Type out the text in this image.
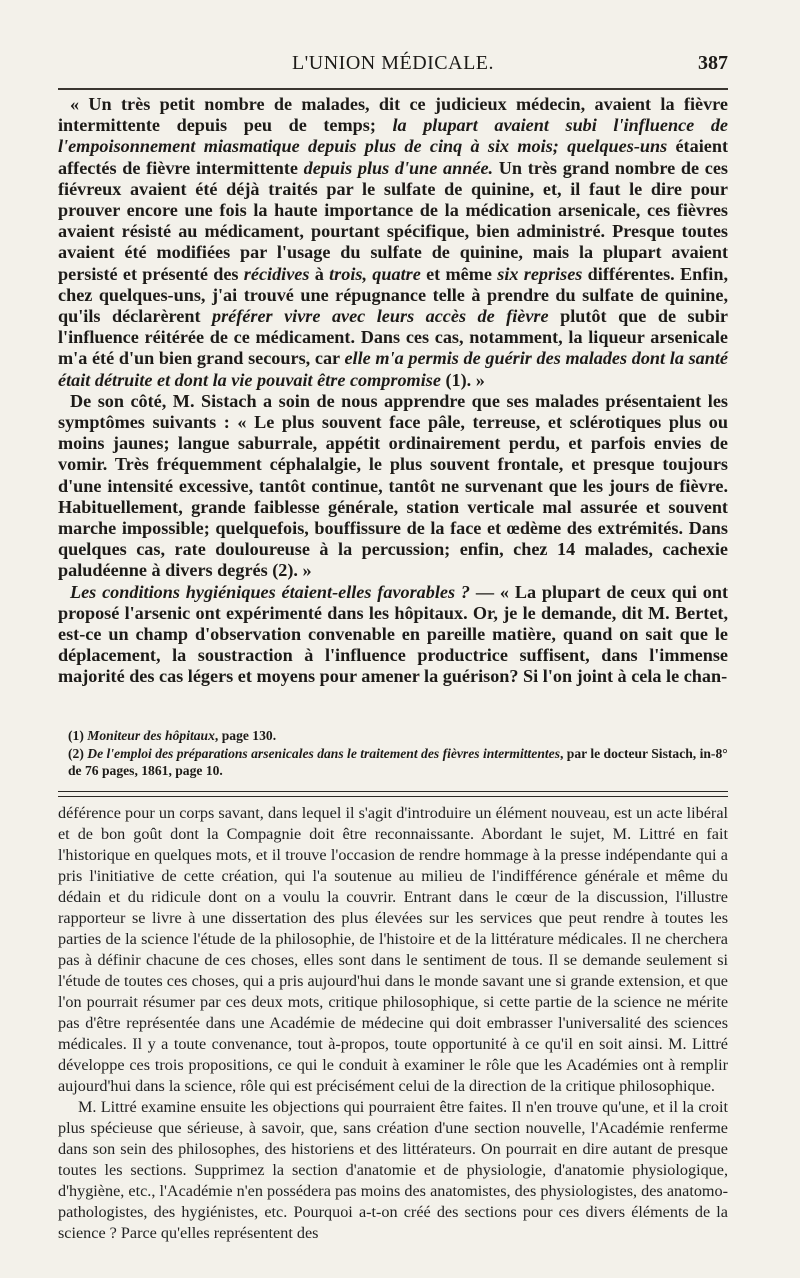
L'UNION MÉDICALE.	387

« Un très petit nombre de malades, dit ce judicieux médecin, avaient la fièvre intermittente depuis peu de temps; la plupart avaient subi l'influence de l'empoisonnement miasmatique depuis plus de cinq à six mois; quelques-uns étaient affectés de fièvre intermittente depuis plus d'une année. Un très grand nombre de ces fiévreux avaient été déjà traités par le sulfate de quinine, et, il faut le dire pour prouver encore une fois la haute importance de la médication arsenicale, ces fièvres avaient résisté au médicament, pourtant spécifique, bien administré. Presque toutes avaient été modifiées par l'usage du sulfate de quinine, mais la plupart avaient persisté et présenté des récidives à trois, quatre et même six reprises différentes. Enfin, chez quelques-uns, j'ai trouvé une répugnance telle à prendre du sulfate de quinine, qu'ils déclarèrent préférer vivre avec leurs accès de fièvre plutôt que de subir l'influence réitérée de ce médicament. Dans ces cas, notamment, la liqueur arsenicale m'a été d'un bien grand secours, car elle m'a permis de guérir des malades dont la santé était détruite et dont la vie pouvait être compromise (1). »

De son côté, M. Sistach a soin de nous apprendre que ses malades présentaient les symptômes suivants : « Le plus souvent face pâle, terreuse, et sclérotiques plus ou moins jaunes; langue saburrale, appétit ordinairement perdu, et parfois envies de vomir. Très fréquemment céphalalgie, le plus souvent frontale, et presque toujours d'une intensité excessive, tantôt continue, tantôt ne survenant que les jours de fièvre. Habituellement, grande faiblesse générale, station verticale mal assurée et souvent marche impossible; quelquefois, bouffissure de la face et œdème des extrémités. Dans quelques cas, rate douloureuse à la percussion; enfin, chez 14 malades, cachexie paludéenne à divers degrés (2). »

Les conditions hygiéniques étaient-elles favorables ? — « La plupart de ceux qui ont proposé l'arsenic ont expérimenté dans les hôpitaux. Or, je le demande, dit M. Bertet, est-ce un champ d'observation convenable en pareille matière, quand on sait que le déplacement, la soustraction à l'influence productrice suffisent, dans l'immense majorité des cas légers et moyens pour amener la guérison? Si l'on joint à cela le chan-

(1) Moniteur des hôpitaux, page 130.

(2) De l'emploi des préparations arsenicales dans le traitement des fièvres intermittentes, par le docteur Sistach, in-8° de 76 pages, 1861, page 10.

déférence pour un corps savant, dans lequel il s'agit d'introduire un élément nouveau, est un acte libéral et de bon goût dont la Compagnie doit être reconnaissante. Abordant le sujet, M. Littré en fait l'historique en quelques mots, et il trouve l'occasion de rendre hommage à la presse indépendante qui a pris l'initiative de cette création, qui l'a soutenue au milieu de l'indifférence générale et même du dédain et du ridicule dont on a voulu la couvrir. Entrant dans le cœur de la discussion, l'illustre rapporteur se livre à une dissertation des plus élevées sur les services que peut rendre à toutes les parties de la science l'étude de la philosophie, de l'histoire et de la littérature médicales. Il ne cherchera pas à définir chacune de ces choses, elles sont dans le sentiment de tous. Il se demande seulement si l'étude de toutes ces choses, qui a pris aujourd'hui dans le monde savant une si grande extension, et que l'on pourrait résumer par ces deux mots, critique philosophique, si cette partie de la science ne mérite pas d'être représentée dans une Académie de médecine qui doit embrasser l'universalité des sciences médicales. Il y a toute convenance, tout à-propos, toute opportunité à ce qu'il en soit ainsi. M. Littré développe ces trois propositions, ce qui le conduit à examiner le rôle que les Académies ont à remplir aujourd'hui dans la science, rôle qui est précisément celui de la direction de la critique philosophique.

M. Littré examine ensuite les objections qui pourraient être faites. Il n'en trouve qu'une, et il la croit plus spécieuse que sérieuse, à savoir, que, sans création d'une section nouvelle, l'Académie renferme dans son sein des philosophes, des historiens et des littérateurs. On pourrait en dire autant de presque toutes les sections. Supprimez la section d'anatomie et de physiologie, d'anatomie physiologique, d'hygiène, etc., l'Académie n'en possédera pas moins des anatomistes, des physiologistes, des anatomo-pathologistes, des hygiénistes, etc. Pourquoi a-t-on créé des sections pour ces divers éléments de la science ? Parce qu'elles représentent des
